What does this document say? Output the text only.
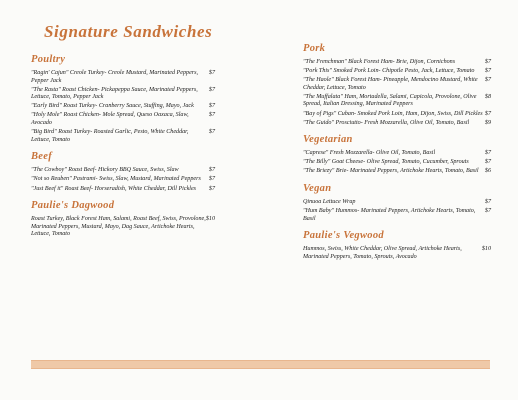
Signature Sandwiches
Poultry

$7
"Ragin' Cajun" Creole Turkey- Creole Mustard, Marinated Peppers, Pepper Jack

$7
"The Rasta" Roast Chicken- Pickapeppa Sauce, Marinated Peppers, Lettuce, Tomato, Pepper Jack

$7
"Early Bird" Roast Turkey- Cranberry Sauce, Stuffing, Mayo, Jack

$7
"Holy Mole" Roast Chicken- Mole Spread, Queso Oaxaca, Slaw, Avocado

$7
"Big Bird" Roast Turkey- Roasted Garlic, Pesto, White Cheddar, Lettuce, Tomato

Beef

$7
"The Cowboy" Roast Beef- Hickory BBQ Sauce, Swiss, Slaw

$7
"Not so Reuben" Pastrami- Swiss, Slaw, Mustard, Marinated Peppers

$7
"Just Beef it" Roast Beef- Horseradish, White Cheddar, Dill Pickles

Paulie's Dagwood

$10
Roast Turkey, Black Forest Ham, Salami, Roast Beef, Swiss, Provolone, Marinated Peppers, Mustard, Mayo, Dag Sauce, Artichoke Hearts, Lettuce, Tomato

Pork

$7
"The Frenchman" Black Forest Ham- Brie, Dijon, Cornichons

$7
"Pork This" Smoked Pork Loin- Chipotle Pesto, Jack, Lettuce, Tomato

$7
"The Haole" Black Forest Ham- Pineapple, Mendocino Mustard, White Cheddar, Lettuce, Tomato

$8
"The Muffalata" Ham, Mortadella, Salami, Capicola, Provolone, Olive Spread, Italian Dressing, Marinated Peppers

$7
"Bay of Pigs" Cuban- Smoked Pork Loin, Ham, Dijon, Swiss, Dill Pickles

$9
"The Guido" Prosciutto- Fresh Mozzarella, Olive Oil, Tomato, Basil

Vegetarian

$7
"Caprese" Fresh Mozzarella- Olive Oil, Tomato, Basil

$7
"The Billy" Goat Cheese- Olive Spread, Tomato, Cucumber, Sprouts

$6
"The Briezy" Brie- Marinated Peppers, Artichoke Hearts, Tomato, Basil

Vegan

$7
Qinuoa Lettuce Wrap

$7
"Hum Baby" Hummos- Marinated Peppers, Artichoke Hearts, Tomato, Basil

Paulie's Vegwood

$10
Hummos, Swiss, White Cheddar, Olive Spread, Artichoke Hearts, Marinated Peppers, Tomato, Sprouts, Avocado
